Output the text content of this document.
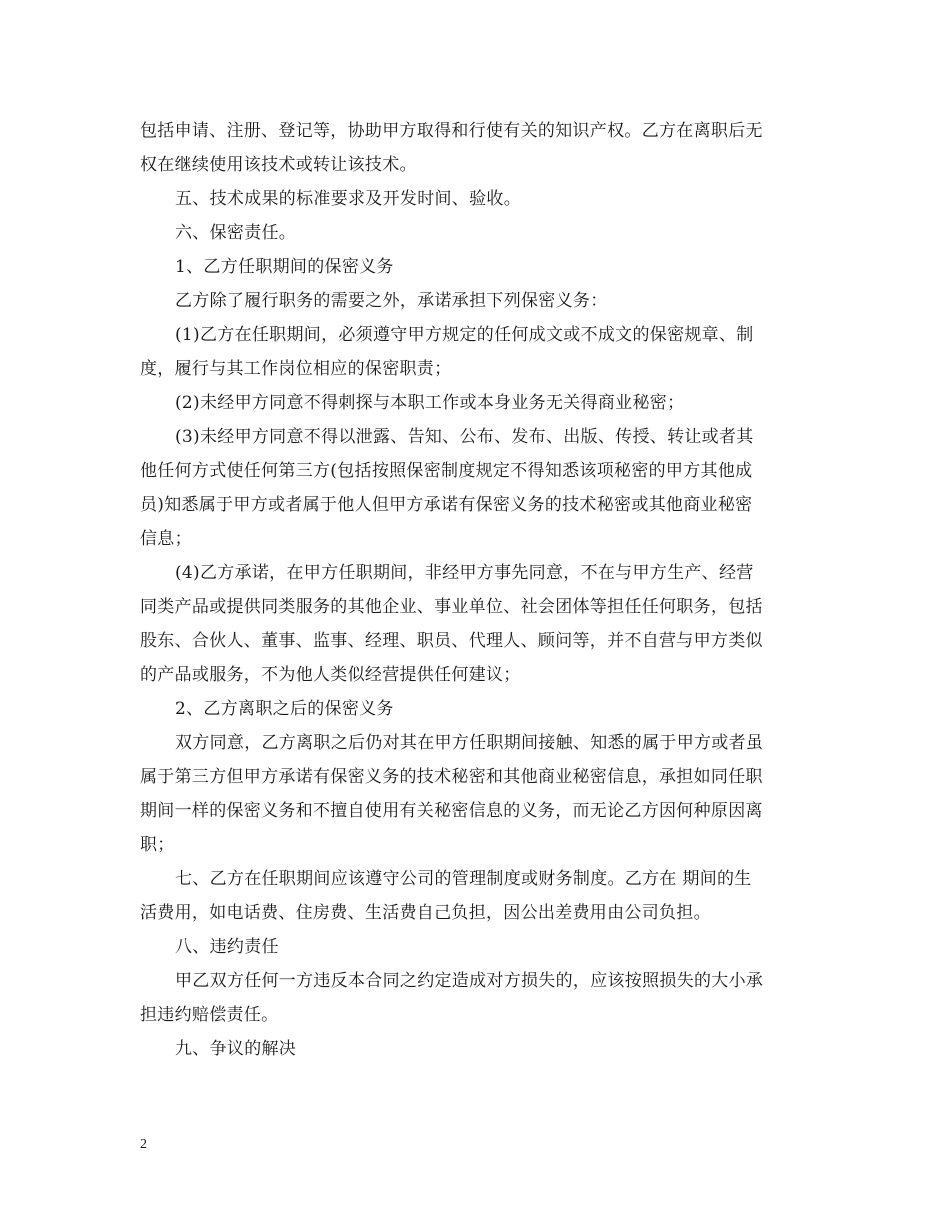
包括申请、注册、登记等，协助甲方取得和行使有关的知识产权。乙方在离职后无
权在继续使用该技术或转让该技术。
五、技术成果的标准要求及开发时间、验收。
六、保密责任。
1、乙方任职期间的保密义务
乙方除了履行职务的需要之外，承诺承担下列保密义务：
(1)乙方在任职期间，必须遵守甲方规定的任何成文或不成文的保密规章、制
度，履行与其工作岗位相应的保密职责；
(2)未经甲方同意不得刺探与本职工作或本身业务无关得商业秘密；
(3)未经甲方同意不得以泄露、告知、公布、发布、出版、传授、转让或者其
他任何方式使任何第三方(包括按照保密制度规定不得知悉该项秘密的甲方其他成
员)知悉属于甲方或者属于他人但甲方承诺有保密义务的技术秘密或其他商业秘密
信息；
(4)乙方承诺，在甲方任职期间，非经甲方事先同意，不在与甲方生产、经营
同类产品或提供同类服务的其他企业、事业单位、社会团体等担任任何职务，包括
股东、合伙人、董事、监事、经理、职员、代理人、顾问等，并不自营与甲方类似
的产品或服务，不为他人类似经营提供任何建议；
2、乙方离职之后的保密义务
双方同意，乙方离职之后仍对其在甲方任职期间接触、知悉的属于甲方或者虽
属于第三方但甲方承诺有保密义务的技术秘密和其他商业秘密信息，承担如同任职
期间一样的保密义务和不擅自使用有关秘密信息的义务，而无论乙方因何种原因离
职；
七、乙方在任职期间应该遵守公司的管理制度或财务制度。乙方在 期间的生
活费用，如电话费、住房费、生活费自己负担，因公出差费用由公司负担。
八、违约责任
甲乙双方任何一方违反本合同之约定造成对方损失的，应该按照损失的大小承
担违约赔偿责任。
九、争议的解决
2
